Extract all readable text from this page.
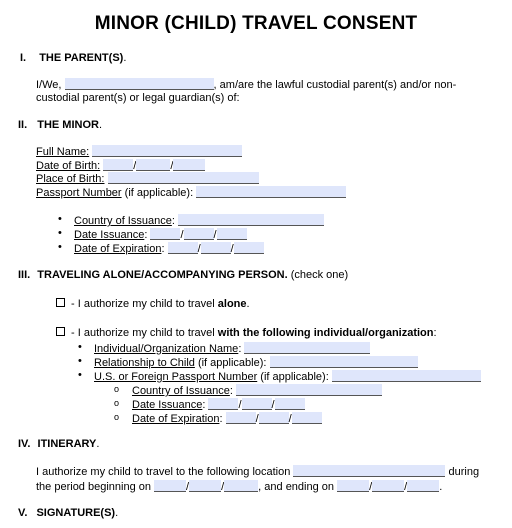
MINOR (CHILD) TRAVEL CONSENT
I. THE PARENT(S).
I/We,	, am/are the lawful custodial parent(s) and/or non-
custodial parent(s) or legal guardian(s) of:
II. THE MINOR.
Full Name:
Date of Birth:	/	/
Place of Birth:
Passport Number (if applicable):
• Country of Issuance:
• Date Issuance:	/	/
• Date of Expiration:	/	/
III. TRAVELING ALONE/ACCOMPANYING PERSON. (check one)
- I authorize my child to travel alone.
- I authorize my child to travel with the following individual/organization:
• Individual/Organization Name:
• Relationship to Child (if applicable):
• U.S. or Foreign Passport Number (if applicable):
o Country of Issuance:
o Date Issuance:	/	/
o Date of Expiration:	/	/
IV. ITINERARY.
I authorize my child to travel to the following location	during
the period beginning on	/	/	, and ending on	/	/	.
V. SIGNATURE(S).
